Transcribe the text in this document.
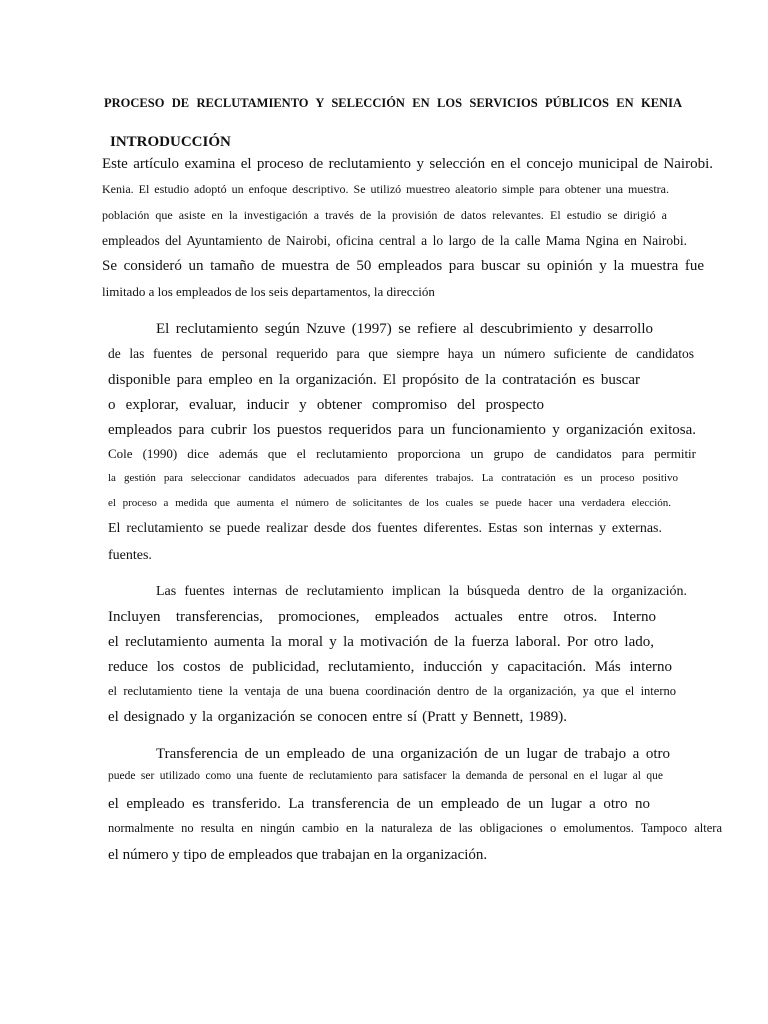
PROCESO DE RECLUTAMIENTO Y SELECCIÓN EN LOS SERVICIOS PÚBLICOS EN KENIA
INTRODUCCIÓN
Este artículo examina el proceso de reclutamiento y selección en el concejo municipal de Nairobi.
Kenia. El estudio adoptó un enfoque descriptivo. Se utilizó muestreo aleatorio simple para obtener una muestra.
población que asiste en la investigación a través de la provisión de datos relevantes. El estudio se dirigió a
empleados del Ayuntamiento de Nairobi, oficina central a lo largo de la calle Mama Ngina en Nairobi.
Se consideró un tamaño de muestra de 50 empleados para buscar su opinión y la muestra fue
limitado a los empleados de los seis departamentos, la dirección
El reclutamiento según Nzuve (1997) se refiere al descubrimiento y desarrollo
de las fuentes de personal requerido para que siempre haya un número suficiente de candidatos
disponible para empleo en la organización. El propósito de la contratación es buscar
o explorar, evaluar, inducir y obtener compromiso del prospecto
empleados para cubrir los puestos requeridos para un funcionamiento y organización exitosa.
Cole (1990) dice además que el reclutamiento proporciona un grupo de candidatos para permitir
la gestión para seleccionar candidatos adecuados para diferentes trabajos. La contratación es un proceso positivo
el proceso a medida que aumenta el número de solicitantes de los cuales se puede hacer una verdadera elección.
El reclutamiento se puede realizar desde dos fuentes diferentes. Estas son internas y externas.
fuentes.
Las fuentes internas de reclutamiento implican la búsqueda dentro de la organización.
Incluyen transferencias, promociones, empleados actuales entre otros. Interno
el reclutamiento aumenta la moral y la motivación de la fuerza laboral. Por otro lado,
reduce los costos de publicidad, reclutamiento, inducción y capacitación. Más interno
el reclutamiento tiene la ventaja de una buena coordinación dentro de la organización, ya que el interno
el designado y la organización se conocen entre sí (Pratt y Bennett, 1989).
Transferencia de un empleado de una organización de un lugar de trabajo a otro
puede ser utilizado como una fuente de reclutamiento para satisfacer la demanda de personal en el lugar al que
el empleado es transferido. La transferencia de un empleado de un lugar a otro no
normalmente no resulta en ningún cambio en la naturaleza de las obligaciones o emolumentos. Tampoco altera
el número y tipo de empleados que trabajan en la organización.
